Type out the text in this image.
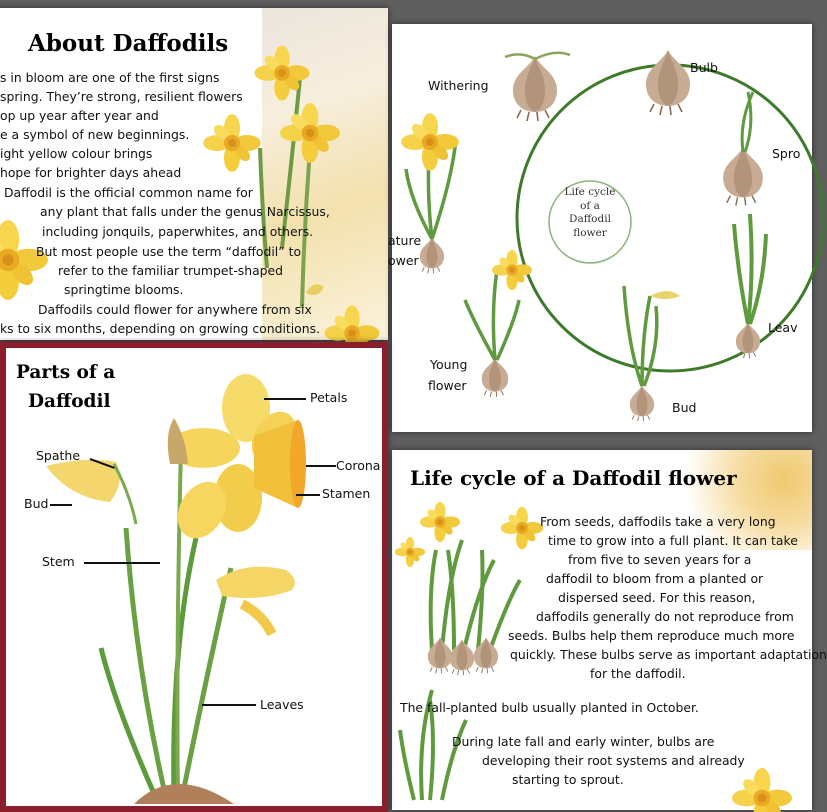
About Daffodils
s in bloom are one of the first signs
spring. They’re strong, resilient flowers
op up year after year and
e a symbol of new beginnings.
ight yellow colour brings
hope for brighter days ahead
Daffodil is the official common name for
any plant that falls under the genus Narcissus,
including jonquils, paperwhites, and others.
But most people use the term “daffodil” to
refer to the familiar trumpet-shaped
springtime blooms.
Daffodils could flower for anywhere from six
ks to six months, depending on growing conditions.
Life cycle
of a
Daffodil
flower
Withering
Bulb
Spro
ature
ower
Leav
Young
flower
Bud
Life cycle of a Daffodil flower
From seeds, daffodils take a very long
time to grow into a full plant. It can take
from five to seven years for a
daffodil to bloom from a planted or
dispersed seed. For this reason,
daffodils generally do not reproduce from
seeds. Bulbs help them reproduce much more
quickly. These bulbs serve as important adaptation
for the daffodil.
The fall-planted bulb usually planted in October.
During late fall and early winter, bulbs are
developing their root systems and already
starting to sprout.
Parts of a
Daffodil	Petals
Spathe
Corona
Stamen
Bud
Stem
Leaves
